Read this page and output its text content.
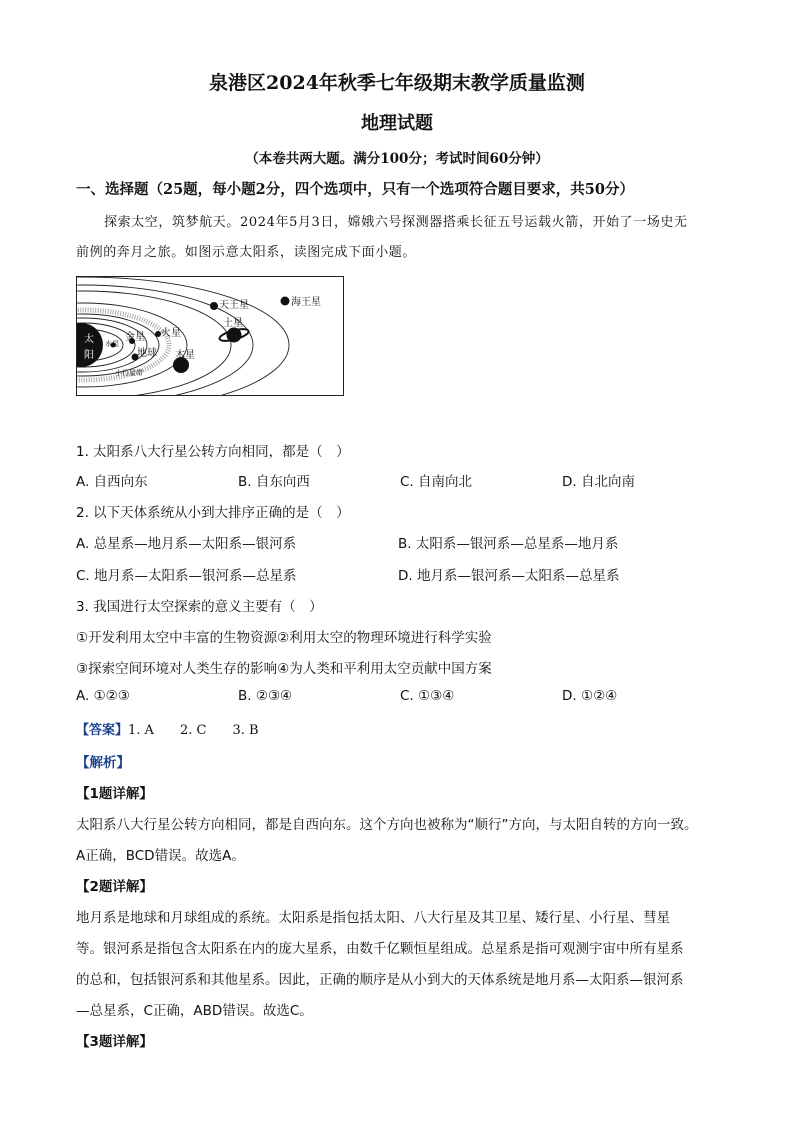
泉港区2024年秋季七年级期末教学质量监测
地理试题
（本卷共两大题。满分100分；考试时间60分钟）
一、选择题（25题，每小题2分，四个选项中，只有一个选项符合题目要求，共50分）
探索太空，筑梦航天。2024年5月3日，嫦娥六号探测器搭乘长征五号运载火箭，开始了一场史无
前例的奔月之旅。如图示意太阳系，读图完成下面小题。
太
阳
水星
金星
地球
火星
木星
土星
天王星	海王星
小行星带
1. 太阳系八大行星公转方向相同，都是（　）
A. 自西向东	B. 自东向西	C. 自南向北	D. 自北向南
2. 以下天体系统从小到大排序正确的是（　）
A. 总星系—地月系—太阳系—银河系	B. 太阳系—银河系—总星系—地月系
C. 地月系—太阳系—银河系—总星系	D. 地月系—银河系—太阳系—总星系
3. 我国进行太空探索的意义主要有（　）
①开发利用太空中丰富的生物资源②利用太空的物理环境进行科学实验
③探索空间环境对人类生存的影响④为人类和平利用太空贡献中国方案
A. ①②③	B. ②③④	C. ①③④	D. ①②④
【答案】1. A 2. C 3. B
【解析】
【1题详解】
太阳系八大行星公转方向相同，都是自西向东。这个方向也被称为“顺行”方向，与太阳自转的方向一致。
A正确，BCD错误。故选A。
【2题详解】
地月系是地球和月球组成的系统。太阳系是指包括太阳、八大行星及其卫星、矮行星、小行星、彗星
等。银河系是指包含太阳系在内的庞大星系，由数千亿颗恒星组成。总星系是指可观测宇宙中所有星系
的总和，包括银河系和其他星系。因此，正确的顺序是从小到大的天体系统是地月系—太阳系—银河系
—总星系，C正确，ABD错误。故选C。
【3题详解】
